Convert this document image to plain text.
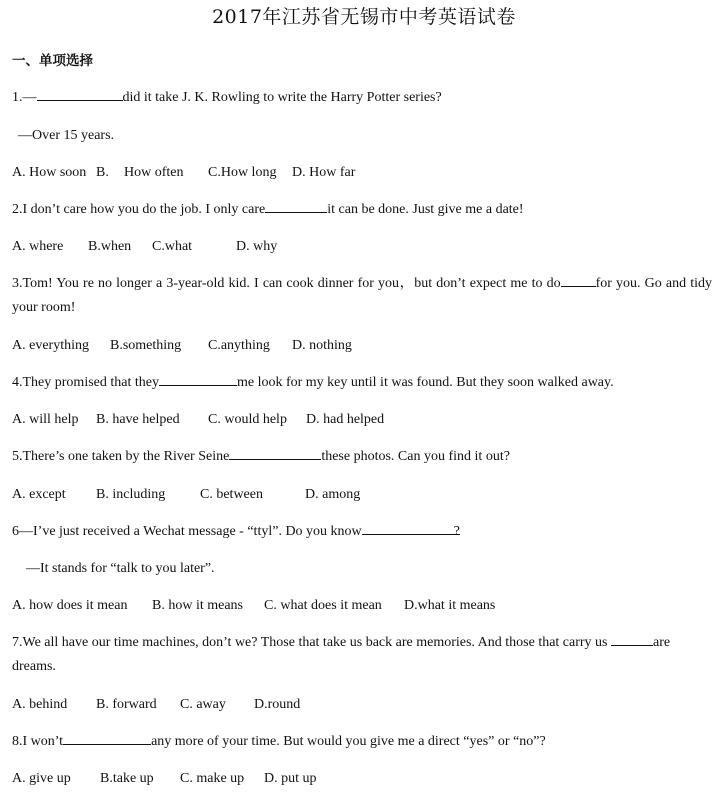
2017年江苏省无锡市中考英语试卷
一、单项选择
1.—	did it take J. K. Rowling to write the Harry Potter series?
—Over 15 years.
A. How soon B. How often C.How long D. How far
2.I don’t care how you do the job. I only care	it can be done. Just give me a date!
A. where B.when C.what	D. why
3.Tom! You re no longer a 3-year-old kid. I can cook dinner for you，but don’t expect me to do	for you. Go and tidy your room!
A. everything B.something C.anything D. nothing
4.They promised that they	me look for my key until it was found. But they soon walked away.
A. will help B. have helped C. would help D. had helped
5.There’s one taken by the River Seine	these photos. Can you find it out?
A. except B. including C. between	D. among
6—I’ve just received a Wechat message - “ttyl”. Do you know	?
—It stands for “talk to you later”.
A. how does it mean B. how it means C. what does it mean D.what it means
7.We all have our time machines, don’t we? Those that take us back are memories. And those that carry us	are dreams.
A. behind B. forward C. away D.round
8.I won’t	any more of your time. But would you give me a direct “yes” or “no”?
A. give up B.take up C. make up D. put up
